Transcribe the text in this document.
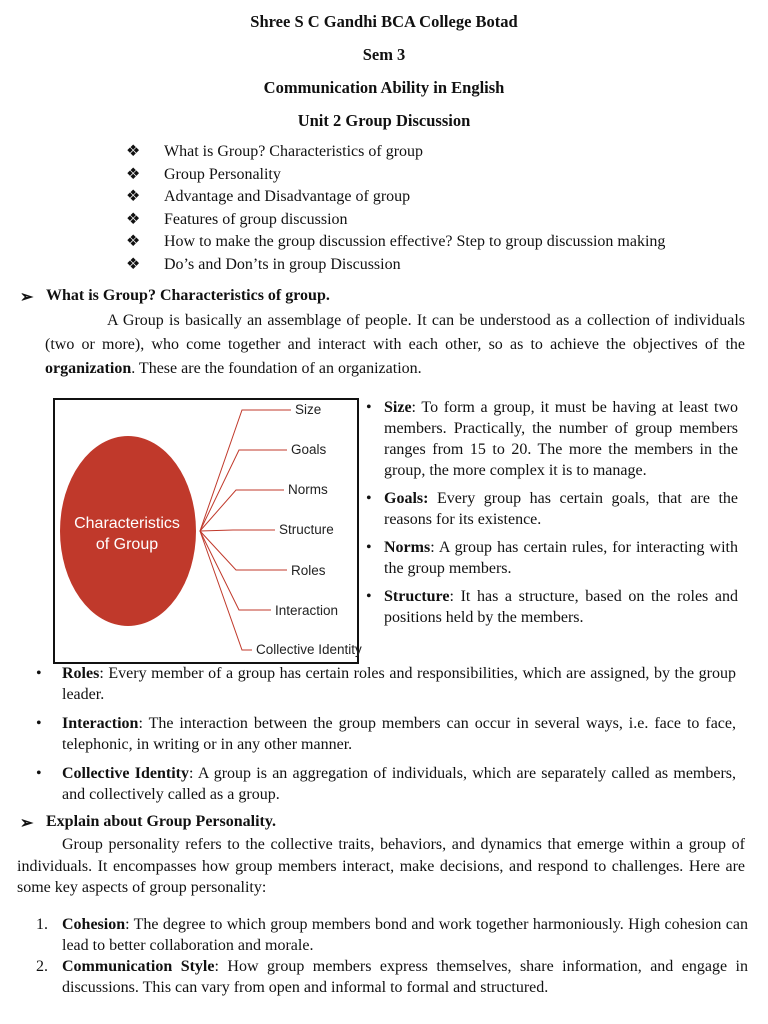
Shree S C Gandhi BCA College Botad
Sem 3
Communication Ability in English
Unit 2 Group Discussion
❖	What is Group? Characteristics of group
❖	Group Personality
❖	Advantage and Disadvantage of group
❖	Features of group discussion
❖	How to make the group discussion effective? Step to group discussion making
❖	Do’s and Don’ts in group Discussion
➢ What is Group? Characteristics of group.
A Group is basically an assemblage of people. It can be understood as a collection of individuals (two or more), who come together and interact with each other, so as to achieve the objectives of the organization. These are the foundation of an organization.
Characteristics
of Group
Size
Goals
Norms
Structure
Roles
Interaction
Collective Identity
• Size: To form a group, it must be having at least two members. Practically, the number of group members ranges from 15 to 20. The more the members in the group, the more complex it is to manage.
• Goals: Every group has certain goals, that are the reasons for its existence.
• Norms: A group has certain rules, for interacting with the group members.
• Structure: It has a structure, based on the roles and positions held by the members.
•	Roles: Every member of a group has certain roles and responsibilities, which are assigned, by the group leader.
•	Interaction: The interaction between the group members can occur in several ways, i.e. face to face, telephonic, in writing or in any other manner.
•	Collective Identity: A group is an aggregation of individuals, which are separately called as members, and collectively called as a group.
➢ Explain about Group Personality.
Group personality refers to the collective traits, behaviors, and dynamics that emerge within a group of individuals. It encompasses how group members interact, make decisions, and respond to challenges. Here are some key aspects of group personality:
1. Cohesion: The degree to which group members bond and work together harmoniously. High cohesion can lead to better collaboration and morale.
2. Communication Style: How group members express themselves, share information, and engage in discussions. This can vary from open and informal to formal and structured.
